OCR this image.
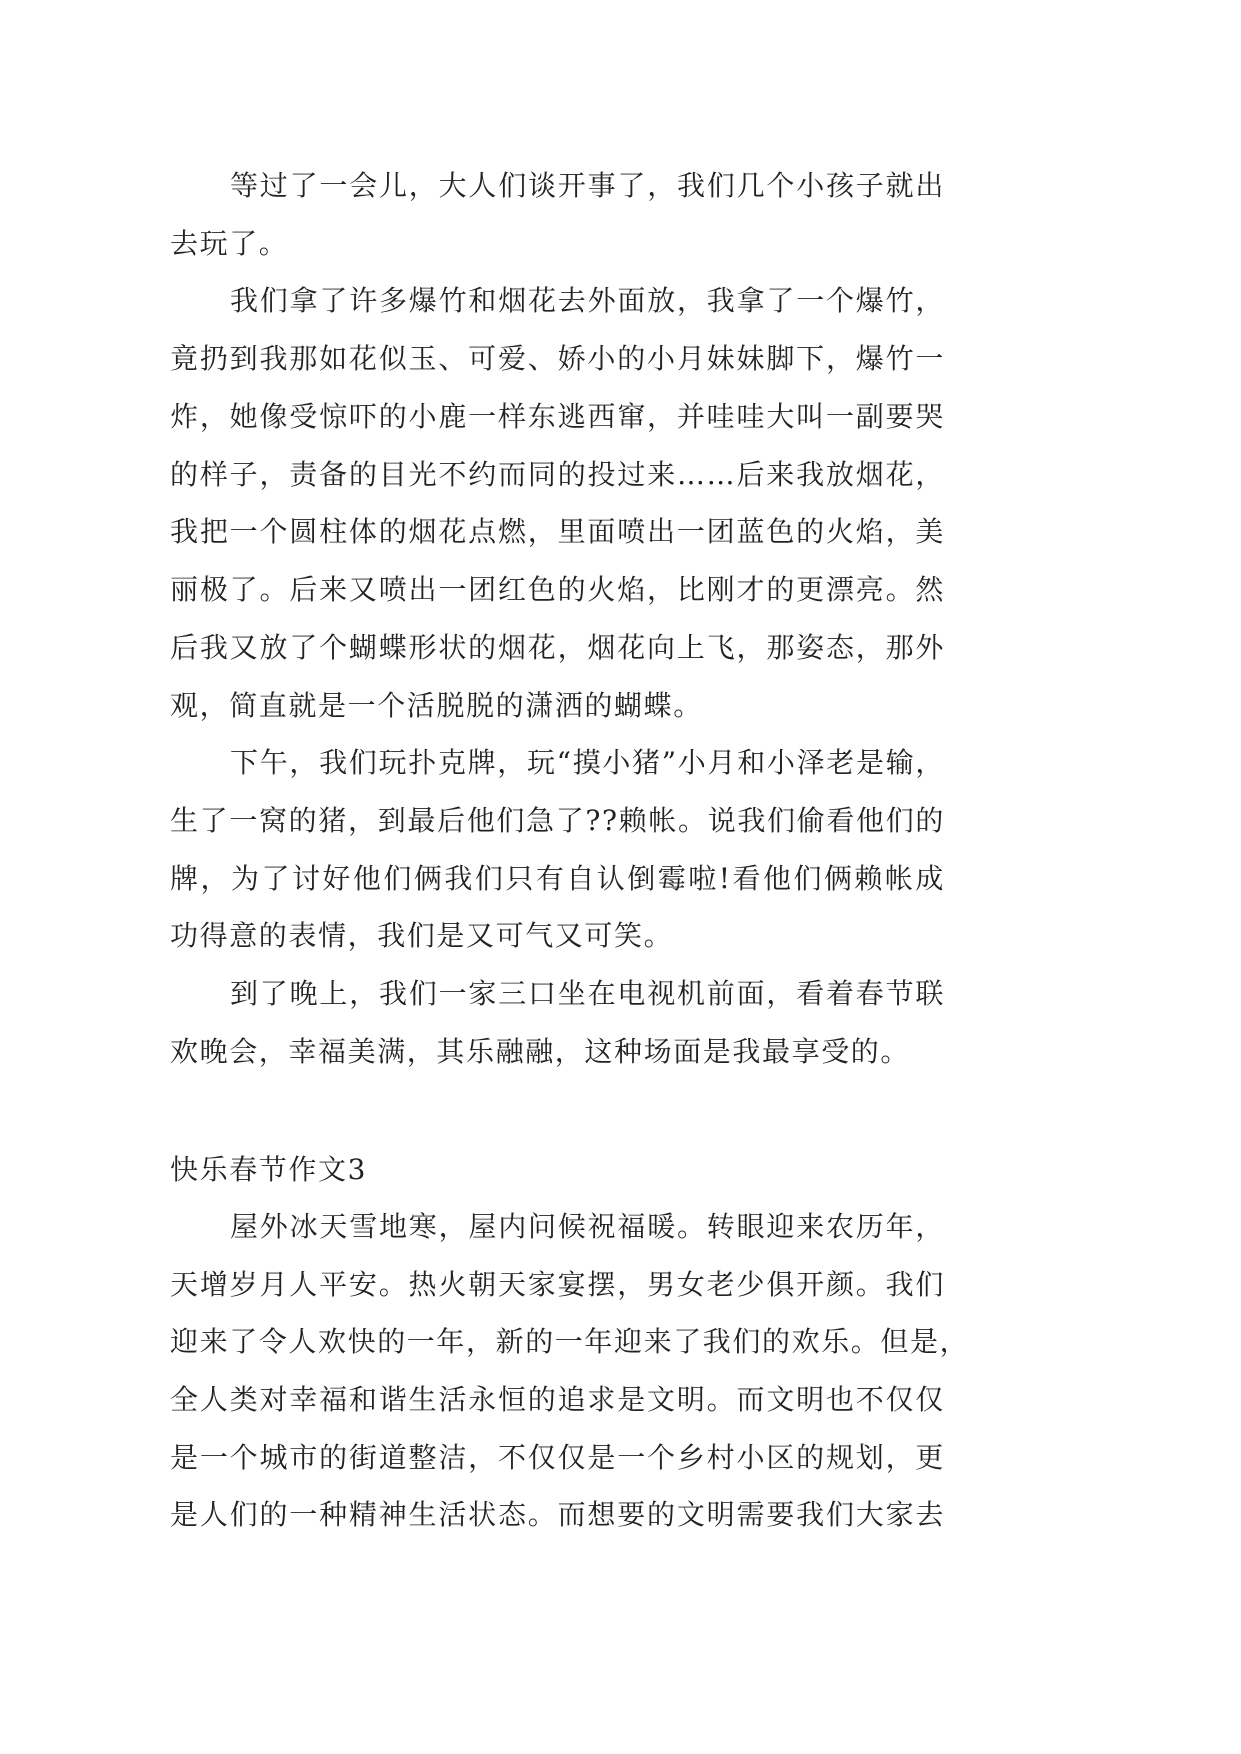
等过了一会儿，大人们谈开事了，我们几个小孩子就出
去玩了。
我们拿了许多爆竹和烟花去外面放，我拿了一个爆竹，
竟扔到我那如花似玉、可爱、娇小的小月妹妹脚下，爆竹一
炸，她像受惊吓的小鹿一样东逃西窜，并哇哇大叫一副要哭
的样子，责备的目光不约而同的投过来……后来我放烟花，
我把一个圆柱体的烟花点燃，里面喷出一团蓝色的火焰，美
丽极了。后来又喷出一团红色的火焰，比刚才的更漂亮。然
后我又放了个蝴蝶形状的烟花，烟花向上飞，那姿态，那外
观，简直就是一个活脱脱的潇洒的蝴蝶。
下午，我们玩扑克牌，玩“摸小猪”小月和小泽老是输，
生了一窝的猪，到最后他们急了??赖帐。说我们偷看他们的
牌，为了讨好他们俩我们只有自认倒霉啦!看他们俩赖帐成
功得意的表情，我们是又可气又可笑。
到了晚上，我们一家三口坐在电视机前面，看着春节联
欢晚会，幸福美满，其乐融融，这种场面是我最享受的。
快乐春节作文3
屋外冰天雪地寒，屋内问候祝福暖。转眼迎来农历年，
天增岁月人平安。热火朝天家宴摆，男女老少俱开颜。我们
迎来了令人欢快的一年，新的一年迎来了我们的欢乐。但是，
全人类对幸福和谐生活永恒的追求是文明。而文明也不仅仅
是一个城市的街道整洁，不仅仅是一个乡村小区的规划，更
是人们的一种精神生活状态。而想要的文明需要我们大家去
